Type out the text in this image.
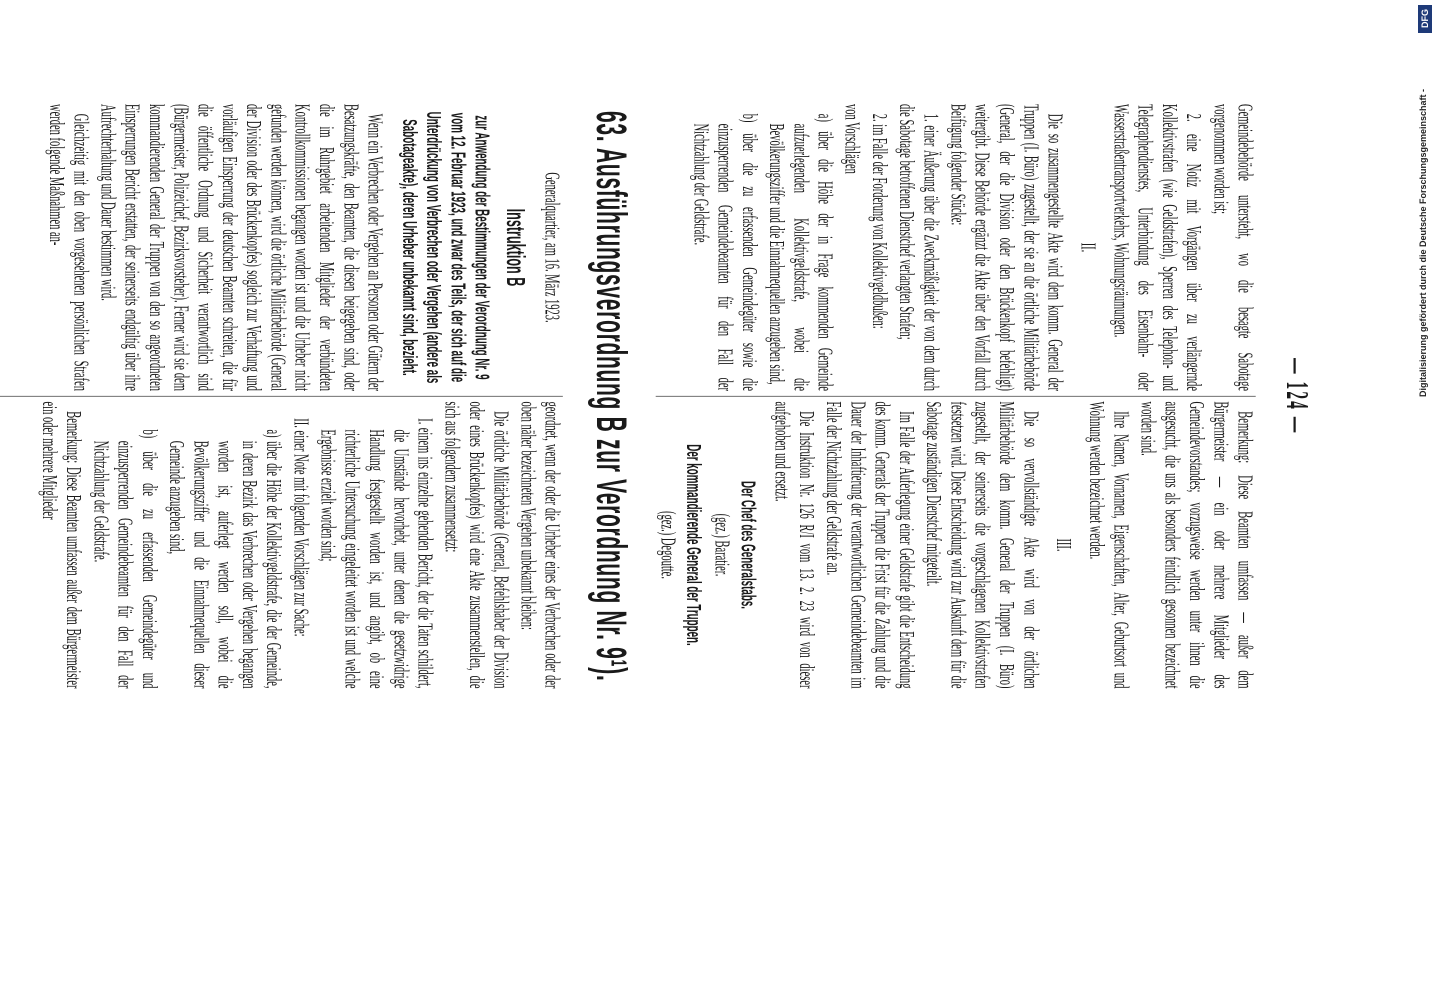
— 124 —

Gemeindebehörde untersteht, wo die besagte Sabotage vorgenommen worden ist;

2. eine Notiz mit Vorgängen über zu verlängernde Kollektivstrafen (wie Geldstrafen), Sperren des Telephon- und Telegraphendienstes, Unterbindung des Eisenbahn- oder Wasserstraßentransportverkehrs, Wohnungsräumungen.

II.

Die so zusammengestellte Akte wird dem komm. General der Truppen (I. Büro) zugestellt, der sie an die örtliche Militärbehörde (General, der die Division oder den Brückenkopf befehligt) weitergibt. Diese Behörde ergänzt die Akte über den Vorfall durch Beifügung folgender Stücke:

1. einer Äußerung über die Zweckmäßigkeit der von dem durch die Sabotage betroffenen Dienstchef verlangten Strafen;

2. im Falle der Forderung von Kollektivgeldbußen:

von Vorschlägen

a) über die Höhe der in Frage kommenden Gemeinde aufzuerlegenden Kollektivgeldstrafe, wobei die Bevölkerungsziffer und die Einnahmequellen anzugeben sind,

b) über die zu erfassenden Gemeindegüter sowie die einzusperrenden Gemeindebeamten für den Fall der Nichtzahlung der Geldstrafe.

Bemerkung: Diese Beamten umfassen — außer dem Bürgermeister — ein oder mehrere Mitglieder des Gemeindevorstandes; vorzugsweise werden unter ihnen die ausgesucht, die uns als besonders feindlich gesonnen bezeichnet worden sind.

Ihre Namen, Vornamen, Eigenschaften, Alter, Geburtsort und Wohnung werden bezeichnet werden.

III.

Die so vervollständigte Akte wird von der örtlichen Militärbehörde dem komm. General der Truppen (I. Büro) zugestellt, der seinerseits die vorgeschlagenen Kollektivstrafen festsetzen wird. Diese Entscheidung wird zur Auskunft dem für die Sabotage zuständigen Dienstchef mitgeteilt.

Im Falle der Auferlegung einer Geldstrafe gibt die Entscheidung des komm. Generals der Truppen die Frist für die Zahlung und die Dauer der Inhaftierung der verantwortlichen Gemeindebeamten im Falle der Nichtzahlung der Geldstrafe an.

Die Instruktion Nr. 126 R/I vom 13. 2. 23 wird von dieser aufgehoben und ersetzt.

Der Chef des Generalstabs.

(gez.) Baratier.

Der kommandierende General der Truppen.

(gez.) Degoutte.

63. Ausführungsverordnung B zur Verordnung Nr. 9¹).

Generalquartier, am 16. März 1923.

Instruktion B

zur Anwendung der Bestimmungen der Verordnung Nr. 9 vom 12. Februar 1923, und zwar des Teils, der sich auf die Unterdrückung von Verbrechen oder Vergehen (andere als Sabotageakte), deren Urheber unbekannt sind, bezieht.

Wenn ein Verbrechen oder Vergehen an Personen oder Gütern der Besatzungskräfte, den Beamten, die diesen beigegeben sind, oder die im Ruhrgebiet arbeitenden Mitglieder der verbündeten Kontrollkommissionen begangen worden ist und die Urheber nicht gefunden werden können, wird die örtliche Militärbehörde (General der Division oder des Brückenkopfes) sogleich zur Verhaftung und vorläufigen Einsperrung der deutschen Beamten schreiten, die für die öffentliche Ordnung und Sicherheit verantwortlich sind (Bürgermeister, Polizeichef, Bezirksvorsteher). Ferner wird sie dem kommandierenden General der Truppen von den so angeordneten Einsperrungen Bericht erstatten, der seinerseits endgültig über ihre Aufrechterhaltung und Dauer bestimmen wird.

Gleichzeitig mit den oben vorgesehenen persönlichen Strafen werden folgende Maßnahmen an-

geordnet, wenn der oder die Urheber eines der Verbrechen oder der oben näher bezeichneten Vergehen unbekannt bleiben:

Die örtliche Militärbehörde (General, Befehlshaber der Division oder eines Brückenkopfes) wird eine Akte zusammenstellen, die sich aus folgendem zusammensetzt:

I. einem ins einzelne gehenden Bericht, der die Taten schildert, die Umstände hervorhebt, unter denen die gesetzwidrige Handlung festgestellt worden ist, und angibt, ob eine richterliche Untersuchung eingeleitet worden ist und welche Ergebnisse erzielt worden sind;

II. einer Note mit folgenden Vorschlägen zur Sache:

a) über die Höhe der Kollektivgeldstrafe, die der Gemeinde, in deren Bezirk das Verbrechen oder Vergehen begangen worden ist, auferlegt werden soll, wobei die Bevölkerungsziffer und die Einnahmequellen dieser Gemeinde anzugeben sind,

b) über die zu erfassenden Gemeindegüter und einzusperrenden Gemeindebeamten für den Fall der Nichtzahlung der Geldstrafe.

Bemerkung: Diese Beamten umfassen außer dem Bürgermeister ein oder mehrere Mitglieder

DFG
Digitalisierung gefördert durch die Deutsche Forschungsgemeinschaft -
